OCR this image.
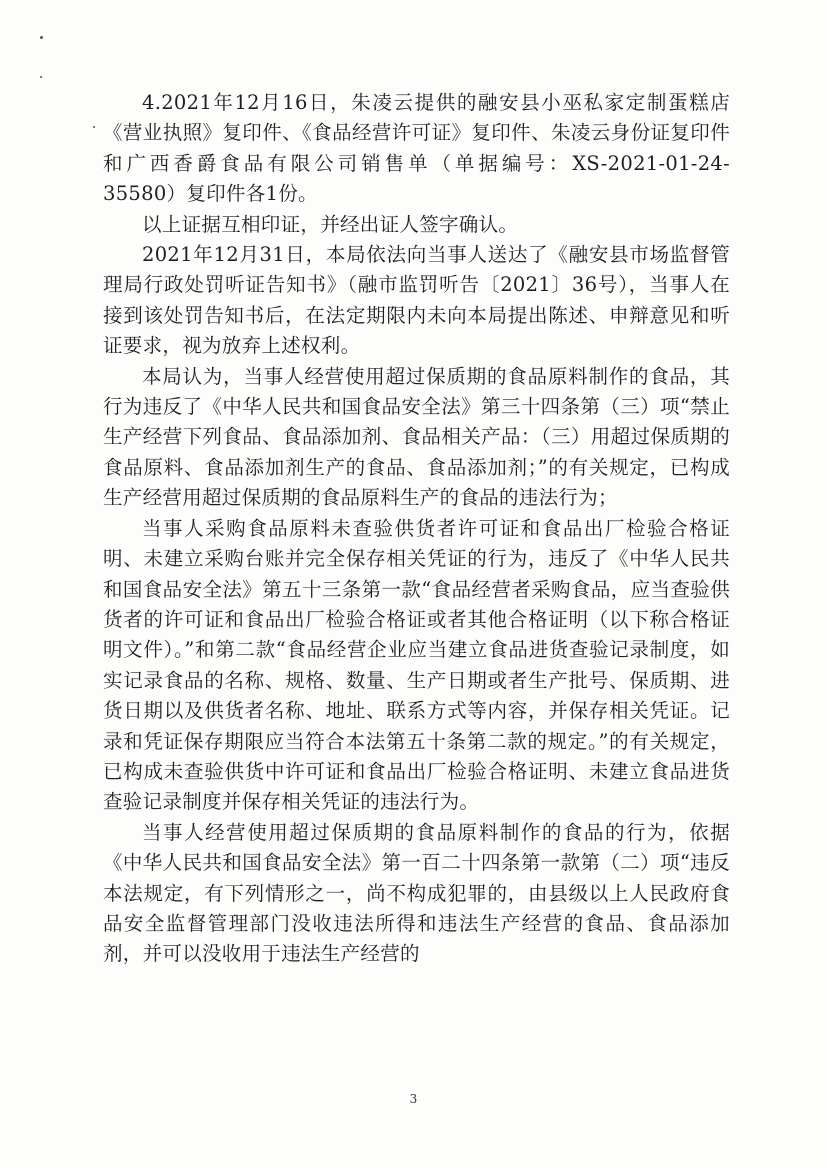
4.2021年12月16日，朱凌云提供的融安县小巫私家定制蛋糕店《营业执照》复印件、《食品经营许可证》复印件、朱凌云身份证复印件和广西香爵食品有限公司销售单（单据编号：XS-2021-01-24-35580）复印件各1份。

以上证据互相印证，并经出证人签字确认。

2021年12月31日，本局依法向当事人送达了《融安县市场监督管理局行政处罚听证告知书》（融市监罚听告〔2021〕36号），当事人在接到该处罚告知书后，在法定期限内未向本局提出陈述、申辩意见和听证要求，视为放弃上述权利。

本局认为，当事人经营使用超过保质期的食品原料制作的食品，其行为违反了《中华人民共和国食品安全法》第三十四条第（三）项“禁止生产经营下列食品、食品添加剂、食品相关产品：（三）用超过保质期的食品原料、食品添加剂生产的食品、食品添加剂；”的有关规定，已构成生产经营用超过保质期的食品原料生产的食品的违法行为；

当事人采购食品原料未查验供货者许可证和食品出厂检验合格证明、未建立采购台账并完全保存相关凭证的行为，违反了《中华人民共和国食品安全法》第五十三条第一款“食品经营者采购食品，应当查验供货者的许可证和食品出厂检验合格证或者其他合格证明（以下称合格证明文件）。”和第二款“食品经营企业应当建立食品进货查验记录制度，如实记录食品的名称、规格、数量、生产日期或者生产批号、保质期、进货日期以及供货者名称、地址、联系方式等内容，并保存相关凭证。记录和凭证保存期限应当符合本法第五十条第二款的规定。”的有关规定，已构成未查验供货中许可证和食品出厂检验合格证明、未建立食品进货查验记录制度并保存相关凭证的违法行为。

当事人经营使用超过保质期的食品原料制作的食品的行为，依据《中华人民共和国食品安全法》第一百二十四条第一款第（二）项“违反本法规定，有下列情形之一，尚不构成犯罪的，由县级以上人民政府食品安全监督管理部门没收违法所得和违法生产经营的食品、食品添加剂，并可以没收用于违法生产经营的

3
